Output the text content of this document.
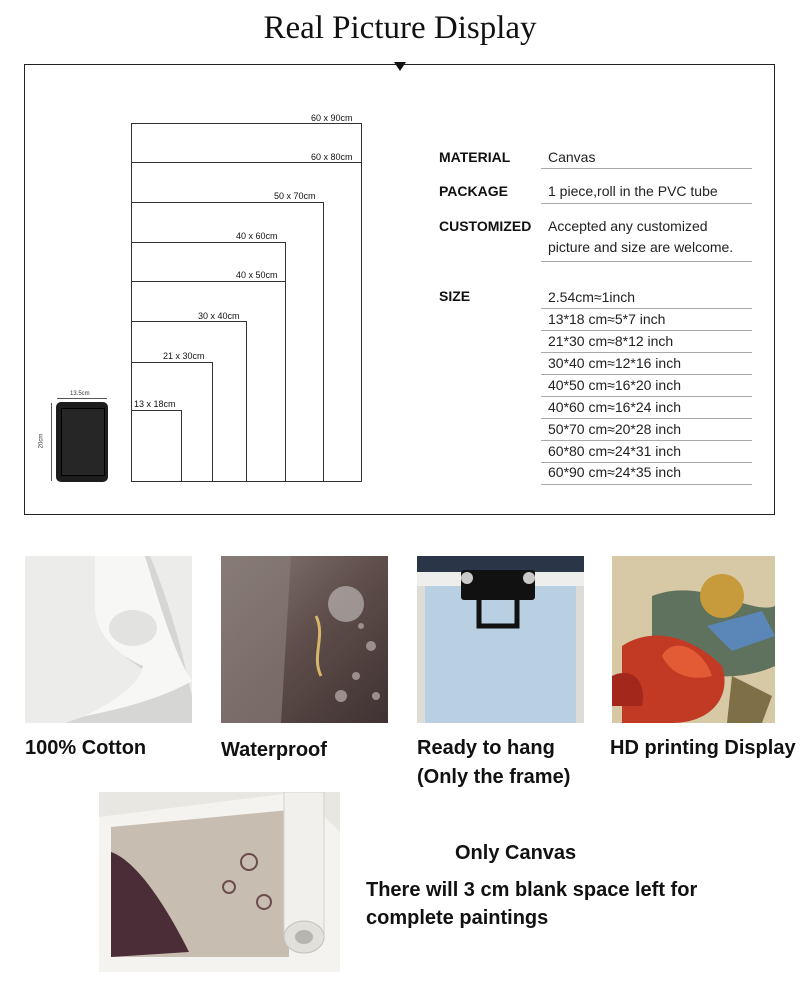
Real Picture Display
60 x 90cm
60 x 80cm
50 x 70cm
40 x 60cm
40 x 50cm
30 x 40cm
21 x 30cm
13 x 18cm
13.5cm
20cm
MATERIAL	Canvas
PACKAGE	1 piece,roll in the PVC tube
CUSTOMIZED Accepted any customized
picture and size are welcome.
SIZE	2.54cm≈1inch
13*18 cm≈5*7 inch
21*30 cm≈8*12 inch
30*40 cm≈12*16 inch
40*50 cm≈16*20 inch
40*60 cm≈16*24 inch
50*70 cm≈20*28 inch
60*80 cm≈24*31 inch
60*90 cm≈24*35 inch
100% Cotton	Waterproof	Ready to hang
(Only the frame)
HD printing Display
Only Canvas
There will 3 cm blank space left for
complete paintings
